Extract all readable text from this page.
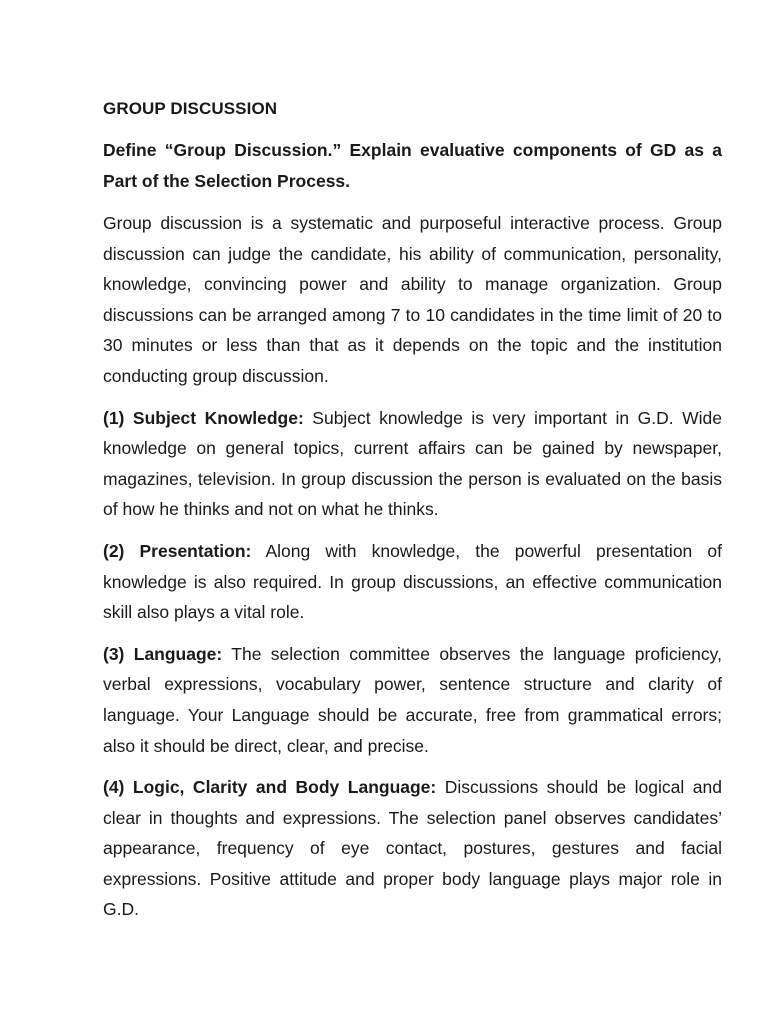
GROUP DISCUSSION
Define “Group Discussion.” Explain evaluative components of GD as a Part of the Selection Process.

Group discussion is a systematic and purposeful interactive process. Group discussion can judge the candidate, his ability of communication, personality, knowledge, convincing power and ability to manage organization. Group discussions can be arranged among 7 to 10 candidates in the time limit of 20 to 30 minutes or less than that as it depends on the topic and the institution conducting group discussion.

(1) Subject Knowledge: Subject knowledge is very important in G.D. Wide knowledge on general topics, current affairs can be gained by newspaper, magazines, television. In group discussion the person is evaluated on the basis of how he thinks and not on what he thinks.

(2) Presentation: Along with knowledge, the powerful presentation of knowledge is also required. In group discussions, an effective communication skill also plays a vital role.

(3) Language: The selection committee observes the language proficiency, verbal expressions, vocabulary power, sentence structure and clarity of language. Your Language should be accurate, free from grammatical errors; also it should be direct, clear, and precise.

(4) Logic, Clarity and Body Language: Discussions should be logical and clear in thoughts and expressions. The selection panel observes candidates’ appearance, frequency of eye contact, postures, gestures and facial expressions. Positive attitude and proper body language plays major role in G.D.
